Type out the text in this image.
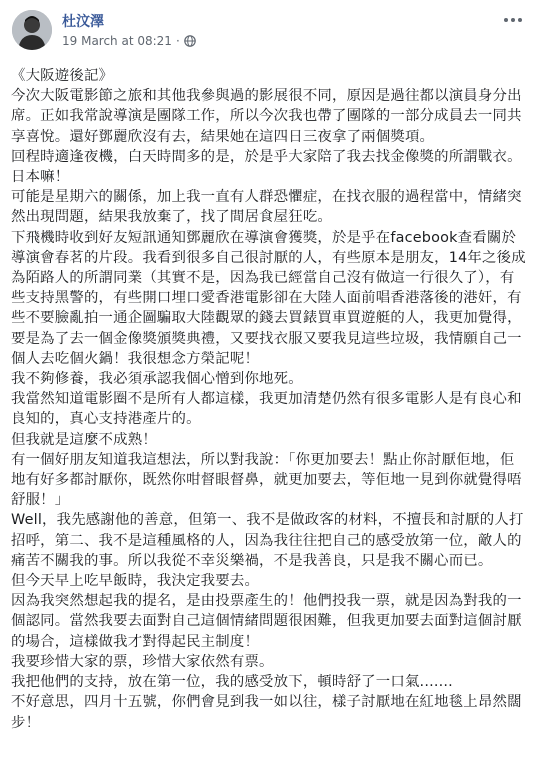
杜汶澤
19 March at 08:21 ·

《大阪遊後記》

今次大阪電影節之旅和其他我參與過的影展很不同，原因是過往都以演員身分出席。正如我常說導演是團隊工作，所以今次我也帶了團隊的一部分成員去一同共享喜悅。還好鄧麗欣沒有去，結果她在這四日三夜拿了兩個獎項。

回程時適逢夜機，白天時間多的是，於是乎大家陪了我去找金像獎的所謂戰衣。日本嘛！

可能是星期六的關係，加上我一直有人群恐懼症，在找衣服的過程當中，情緒突然出現問題，結果我放棄了，找了間居食屋狂吃。

下飛機時收到好友短訊通知鄧麗欣在導演會獲獎，於是乎在facebook查看關於導演會春茗的片段。我看到很多自己很討厭的人，有些原本是朋友，14年之後成為陌路人的所謂同業（其實不是，因為我已經當自己沒有做這一行很久了），有些支持黑警的，有些開口埋口愛香港電影卻在大陸人面前唱香港落後的港奸，有些不要臉亂拍一通企圖騙取大陸觀眾的錢去買錶買車買遊艇的人，我更加覺得，要是為了去一個金像獎頒獎典禮，又要找衣服又要我見這些垃圾，我情願自己一個人去吃個火鍋！我很想念方榮記呢！

我不夠修養，我必須承認我個心憎到你地死。

我當然知道電影圈不是所有人都這樣，我更加清楚仍然有很多電影人是有良心和良知的，真心支持港產片的。

但我就是這麼不成熟！

有一個好朋友知道我這想法，所以對我說：「你更加要去！點止你討厭佢地，佢地有好多都討厭你，既然你咁督眼督鼻，就更加要去，等佢地一見到你就覺得唔舒服！」

Well，我先感謝他的善意，但第一、我不是做政客的材料，不擅長和討厭的人打招呼，第二、我不是這種風格的人，因為我往往把自己的感受放第一位，敵人的痛苦不關我的事。所以我從不幸災樂禍，不是我善良，只是我不關心而已。

但今天早上吃早飯時，我決定我要去。

因為我突然想起我的提名，是由投票產生的！他們投我一票，就是因為對我的一個認同。當然我要去面對自己這個情緒問題很困難，但我更加要去面對這個討厭的場合，這樣做我才對得起民主制度！

我要珍惜大家的票，珍惜大家依然有票。

我把他們的支持，放在第一位，我的感受放下，頓時舒了一口氣.......

不好意思，四月十五號，你們會見到我一如以往，樣子討厭地在紅地毯上昂然闊步！
